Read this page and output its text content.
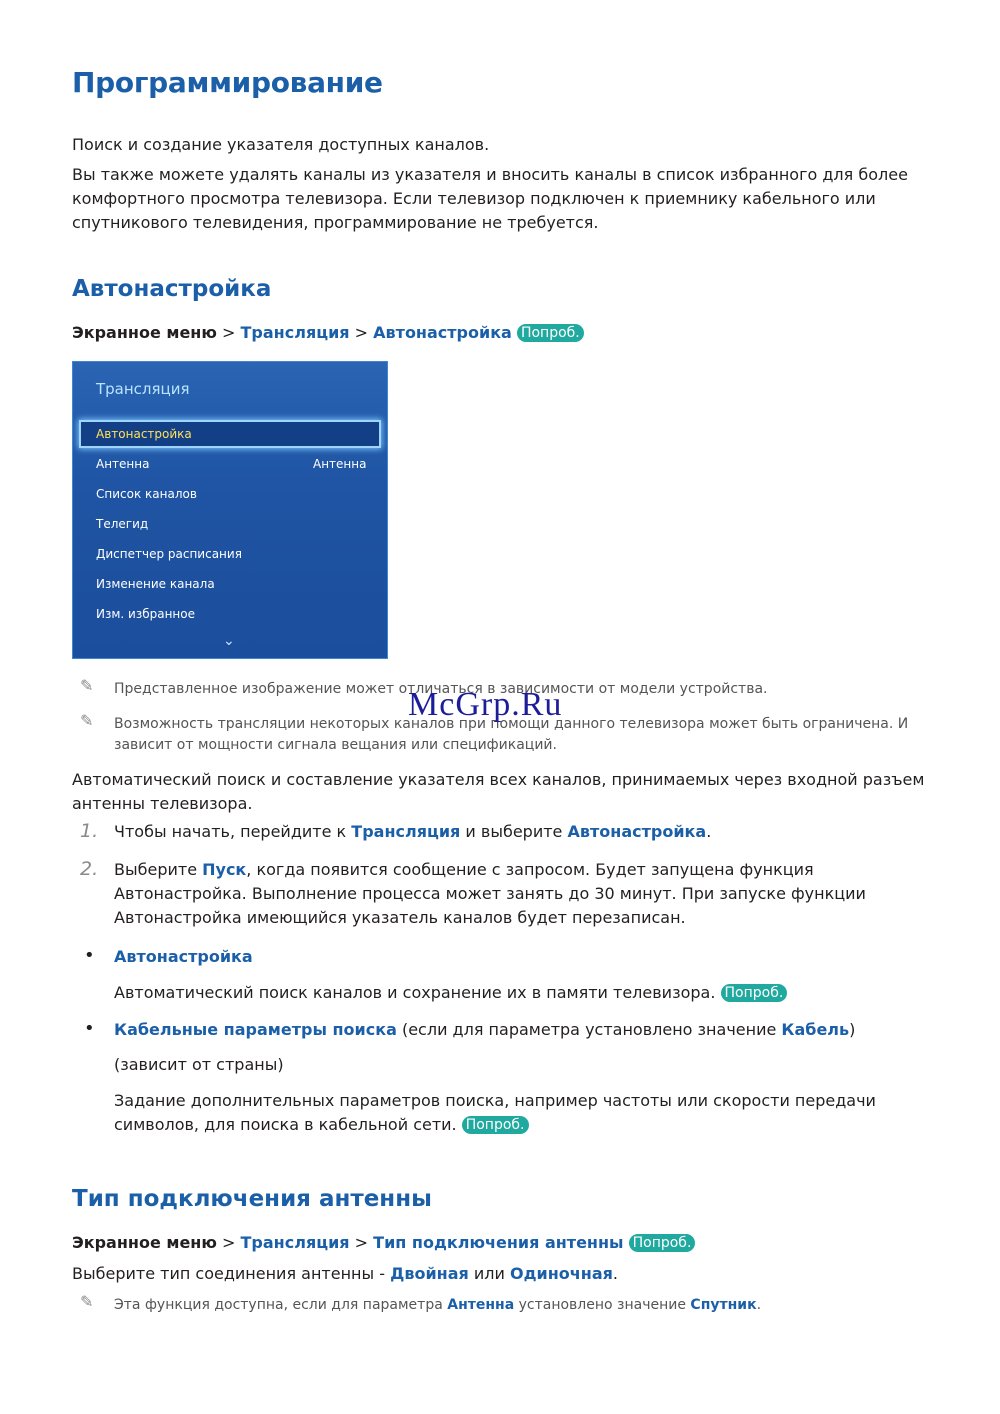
Программирование

Поиск и создание указателя доступных каналов.

Вы также можете удалять каналы из указателя и вносить каналы в список избранного для более комфортного просмотра телевизора. Если телевизор подключен к приемнику кабельного или спутникового телевидения, программирование не требуется.

Автонастройка
Экранное меню > Трансляция > Автонастройка Попроб.
Трансляция
Автонастройка
Антенна	Антенна
Список каналов
Телегид
Диспетчер расписания
Изменение канала
Изм. избранное
⌄
✎ Представленное изображение может отличаться в зависимости от модели устройства.
✎ Возможность трансляции некоторых каналов при помощи данного телевизора может быть ограничена. И зависит от мощности сигнала вещания или спецификаций.
McGrp.Ru

Автоматический поиск и составление указателя всех каналов, принимаемых через входной разъем антенны телевизора.

1. Чтобы начать, перейдите к Трансляция и выберите Автонастройка.

2. Выберите Пуск, когда появится сообщение с запросом. Будет запущена функция Автонастройка. Выполнение процесса может занять до 30 минут. При запуске функции Автонастройка имеющийся указатель каналов будет перезаписан.

• Автонастройка

Автоматический поиск каналов и сохранение их в памяти телевизора. Попроб.

• Кабельные параметры поиска (если для параметра установлено значение Кабель)

(зависит от страны)

Задание дополнительных параметров поиска, например частоты или скорости передачи символов, для поиска в кабельной сети. Попроб.

Тип подключения антенны
Экранное меню > Трансляция > Тип подключения антенны Попроб.

Выберите тип соединения антенны - Двойная или Одиночная.

✎ Эта функция доступна, если для параметра Антенна установлено значение Спутник.
